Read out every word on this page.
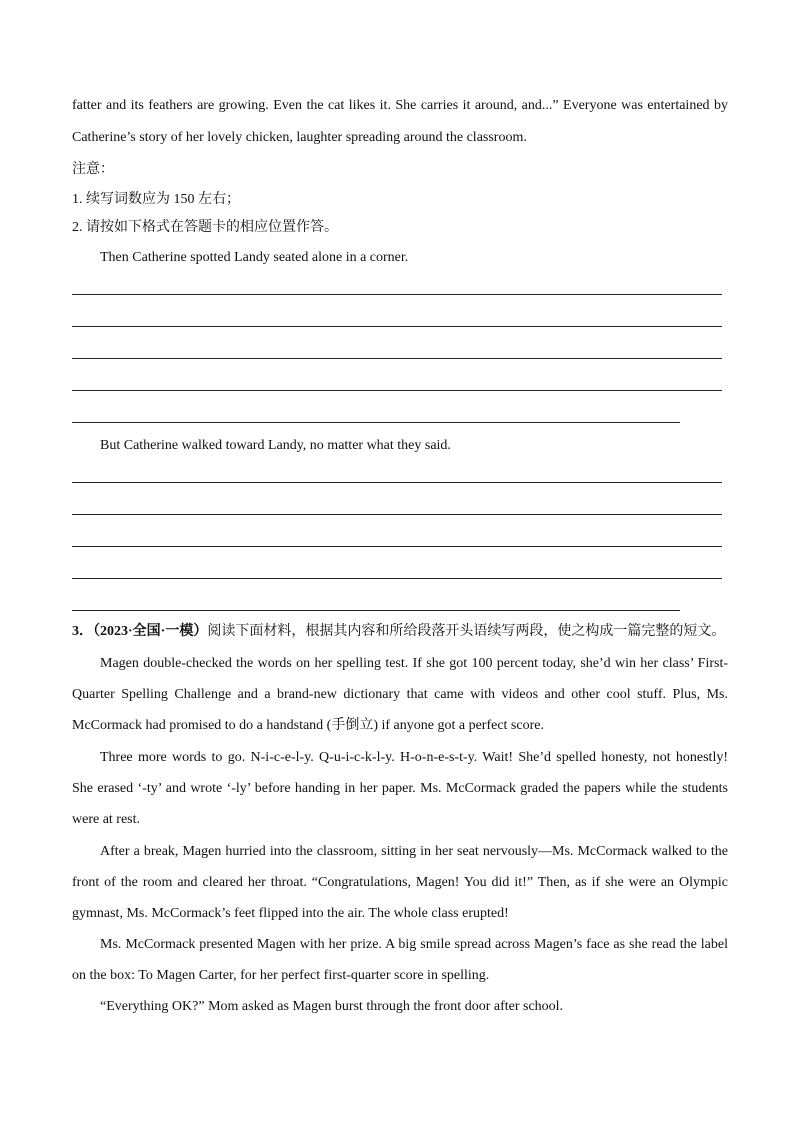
fatter and its feathers are growing. Even the cat likes it. She carries it around, and...” Everyone was entertained by
Catherine’s story of her lovely chicken, laughter spreading around the classroom.
注意：
1. 续写词数应为 150 左右；
2. 请按如下格式在答题卡的相应位置作答。
Then Catherine spotted Landy seated alone in a corner.
But Catherine walked toward Landy, no matter what they said.
3．（2023·全国·一模）阅读下面材料，根据其内容和所给段落开头语续写两段，使之构成一篇完整的短文。
Magen double-checked the words on her spelling test. If she got 100 percent today, she’d win her class’ First-
Quarter Spelling Challenge and a brand-new dictionary that came with videos and other cool stuff. Plus, Ms.
McCormack had promised to do a handstand (手倒立) if anyone got a perfect score.
Three more words to go. N-i-c-e-l-y. Q-u-i-c-k-l-y. H-o-n-e-s-t-y. Wait! She’d spelled honesty, not honestly!
She erased ‘-ty’ and wrote ‘-ly’ before handing in her paper. Ms. McCormack graded the papers while the students
were at rest.
After a break, Magen hurried into the classroom, sitting in her seat nervously—Ms. McCormack walked to the
front of the room and cleared her throat. “Congratulations, Magen! You did it!” Then, as if she were an Olympic
gymnast, Ms. McCormack’s feet flipped into the air. The whole class erupted!
Ms. McCormack presented Magen with her prize. A big smile spread across Magen’s face as she read the label
on the box: To Magen Carter, for her perfect first-quarter score in spelling.
“Everything OK?” Mom asked as Magen burst through the front door after school.
